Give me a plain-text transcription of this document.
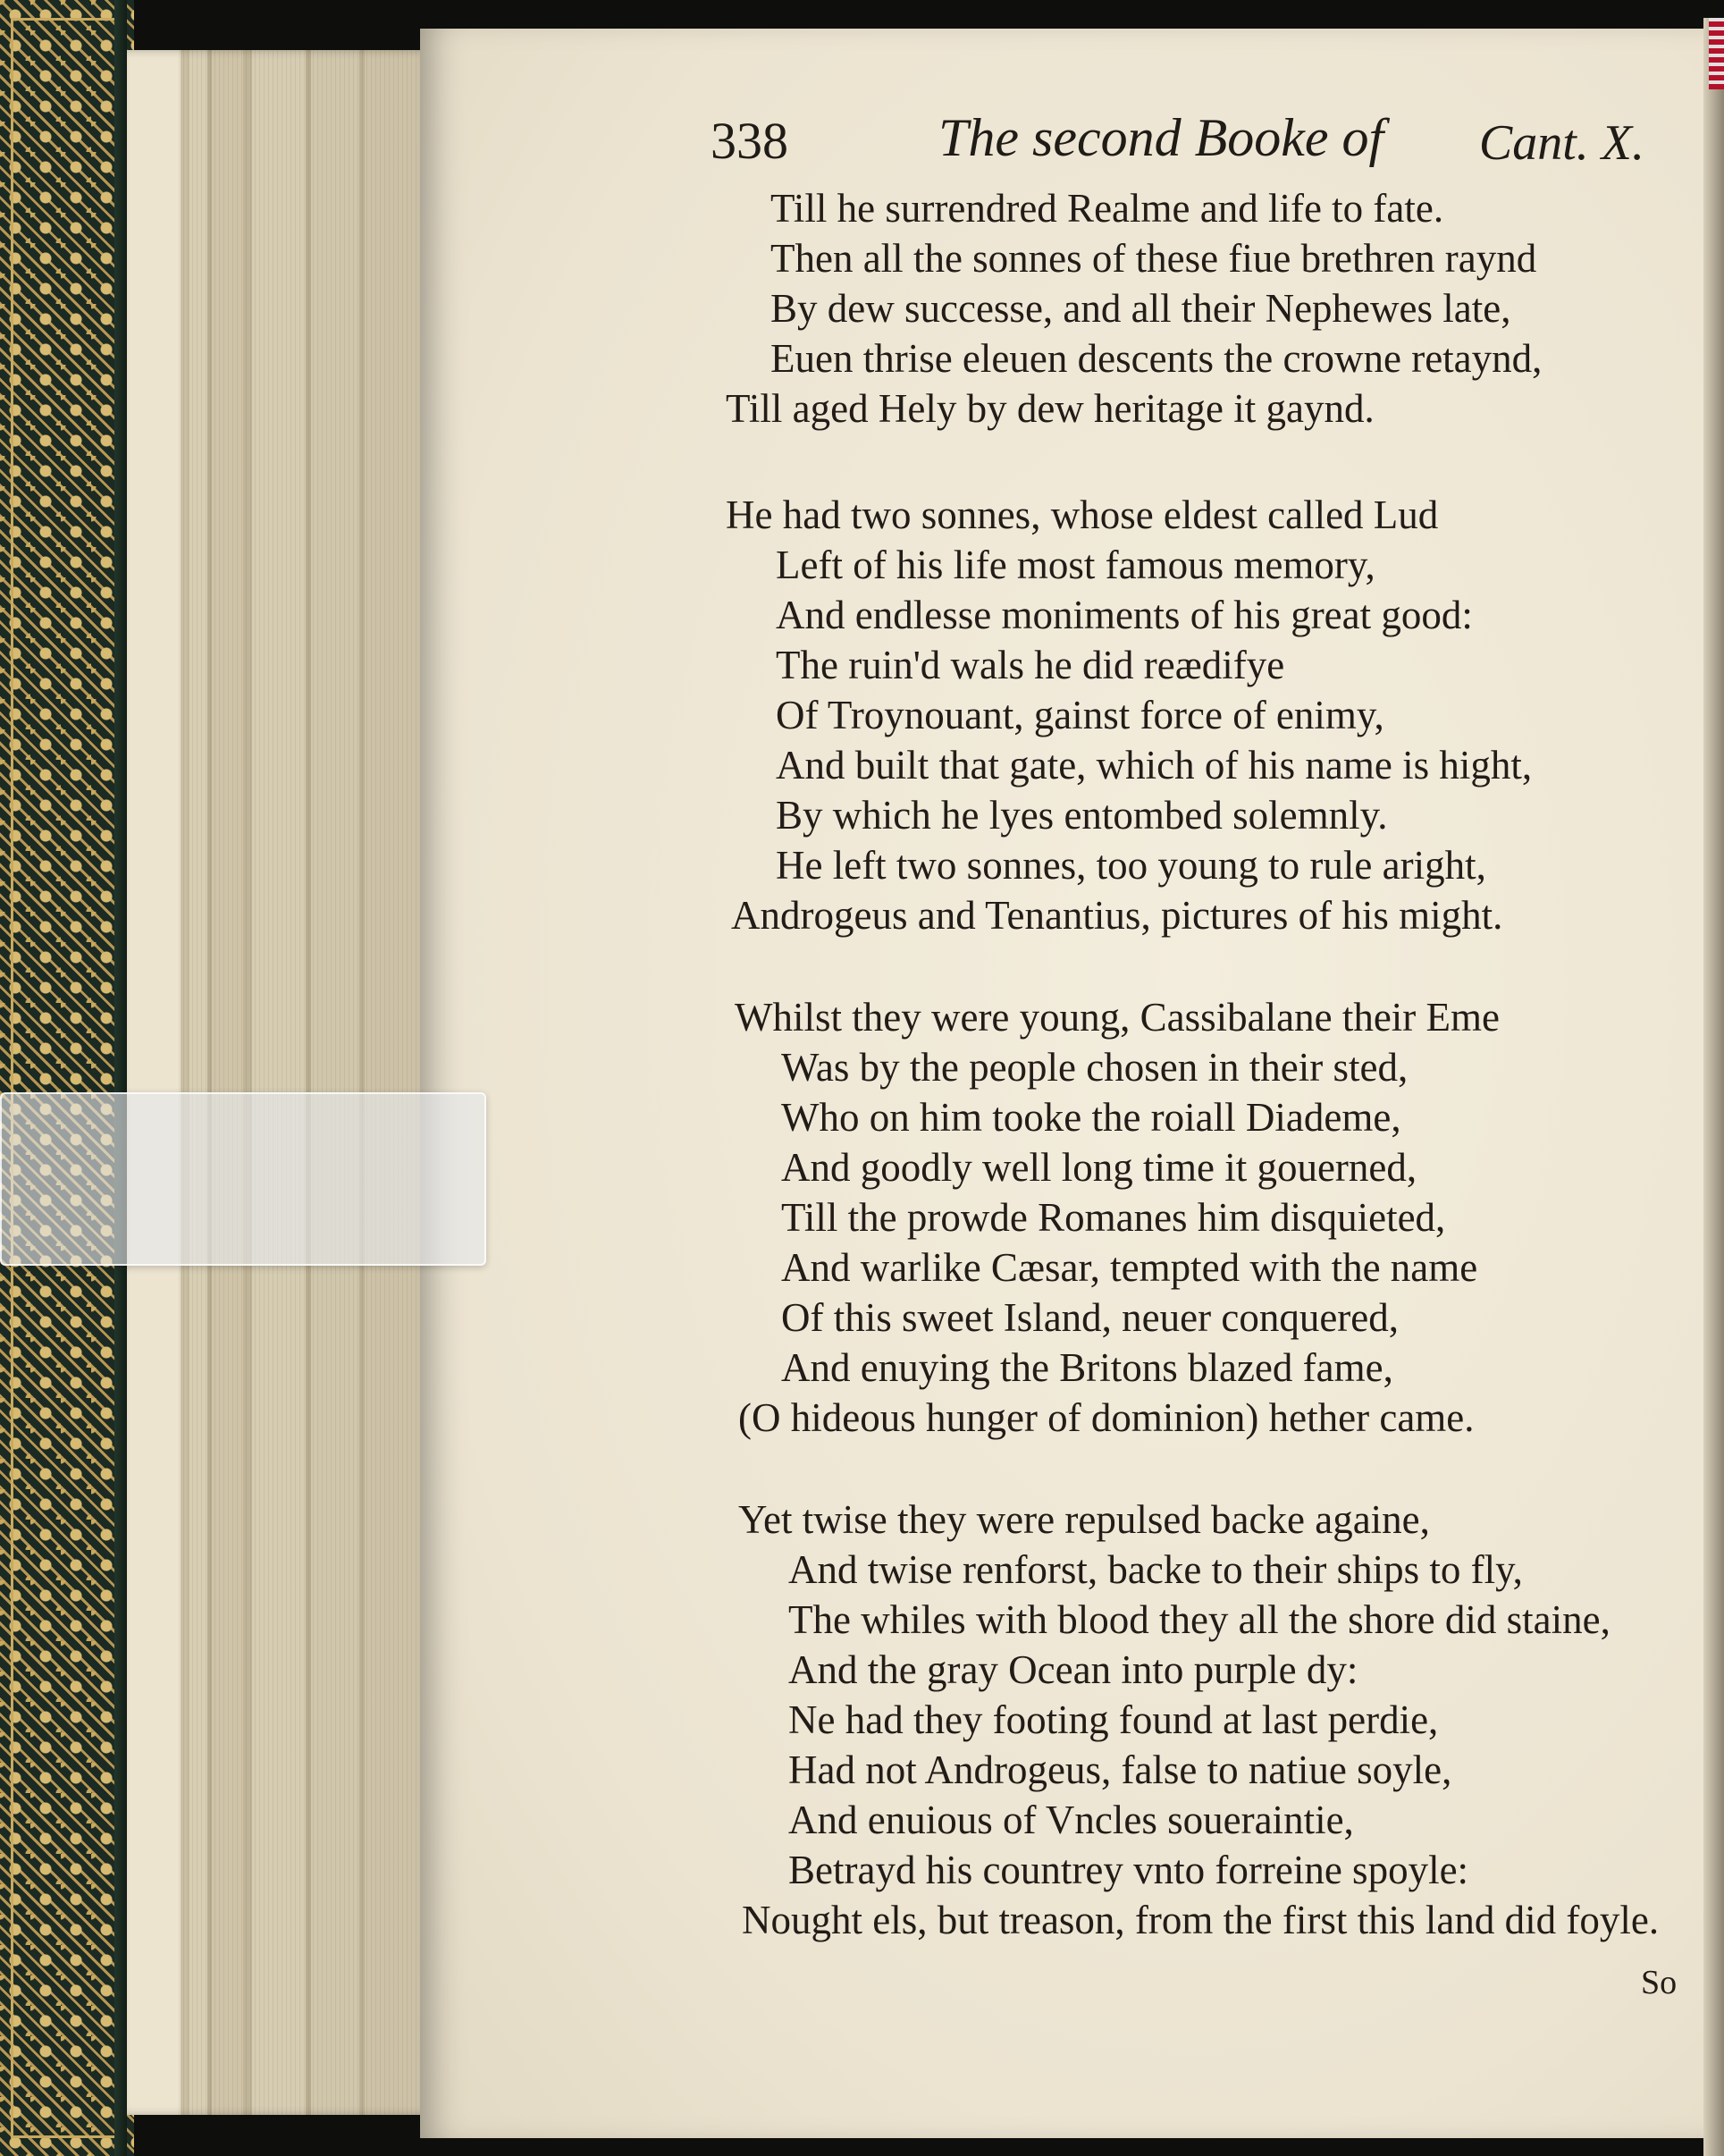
338	The second Booke of Cant. X.
Till he surrendred Realme and life to fate.
Then all the sonnes of these fiue brethren raynd
By dew successe, and all their Nephewes late,
Euen thrise eleuen descents the crowne retaynd,
Till aged Hely by dew heritage it gaynd.
He had two sonnes, whose eldest called Lud
Left of his life most famous memory,
And endlesse moniments of his great good:
The ruin'd wals he did reædifye
Of Troynouant, gainst force of enimy,
And built that gate, which of his name is hight,
By which he lyes entombed solemnly.
He left two sonnes, too young to rule aright,
Androgeus and Tenantius, pictures of his might.
Whilst they were young, Cassibalane their Eme
Was by the people chosen in their sted,
Who on him tooke the roiall Diademe,
And goodly well long time it gouerned,
Till the prowde Romanes him disquieted,
And warlike Cæsar, tempted with the name
Of this sweet Island, neuer conquered,
And enuying the Britons blazed fame,
(O hideous hunger of dominion) hether came.
Yet twise they were repulsed backe againe,
And twise renforst, backe to their ships to fly,
The whiles with blood they all the shore did staine,
And the gray Ocean into purple dy:
Ne had they footing found at last perdie,
Had not Androgeus, false to natiue soyle,
And enuious of Vncles soueraintie,
Betrayd his countrey vnto forreine spoyle:
Nought els, but treason, from the first this land did foyle.
So
